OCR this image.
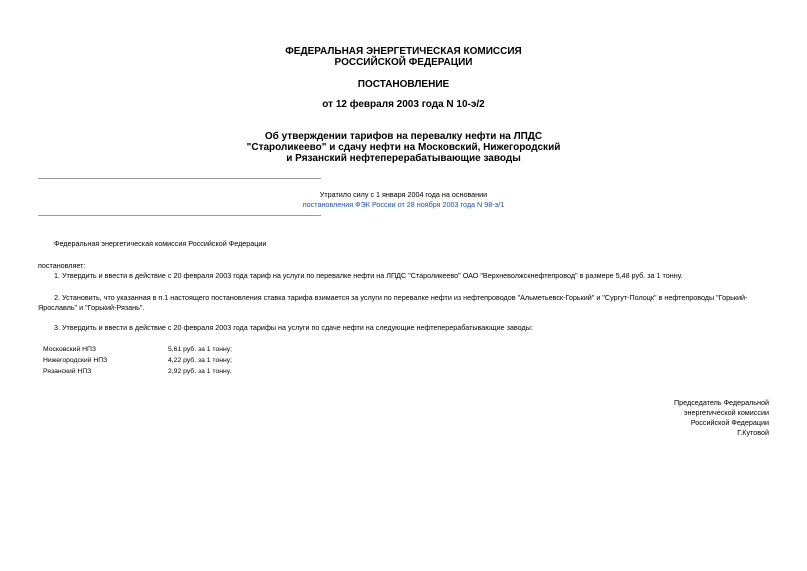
ФЕДЕРАЛЬНАЯ ЭНЕРГЕТИЧЕСКАЯ КОМИССИЯ
РОССИЙСКОЙ ФЕДЕРАЦИИ
ПОСТАНОВЛЕНИЕ
от 12 февраля 2003 года N 10-э/2
Об утверждении тарифов на перевалку нефти на ЛПДС
"Староликеево" и сдачу нефти на Московский, Нижегородский
и Рязанский нефтеперерабатывающие заводы
Утратило силу с 1 января 2004 года на основании
постановления ФЭК России от 28 ноября 2003 года N 98-э/1
Федеральная энергетическая комиссия Российской Федерации
постановляет:
1. Утвердить и ввести в действие с 20 февраля 2003 года тариф на услуги по перевалке нефти на ЛПДС "Староликеево" ОАО "Верхневолжскнефтепровод" в размере 5,48 руб. за 1 тонну.
2. Установить, что указанная в п.1 настоящего постановления ставка тарифа взимается за услуги по перевалке нефти из нефтепроводов "Альметьевск-Горький" и "Сургут-Полоцк" в нефтепроводы "Горький-
Ярославль" и "Горький-Рязань".
3. Утвердить и ввести в действие с 20 февраля 2003 года тарифы на услуги по сдаче нефти на следующие нефтеперерабатывающие заводы:
Московский НПЗ	5,61 руб. за 1 тонну;
Нижегородский НПЗ	4,22 руб. за 1 тонну;
Рязанский НПЗ	2,92 руб. за 1 тонну.
Председатель Федеральной
энергетической комиссии
Российской Федерации
Г.Кутовой
